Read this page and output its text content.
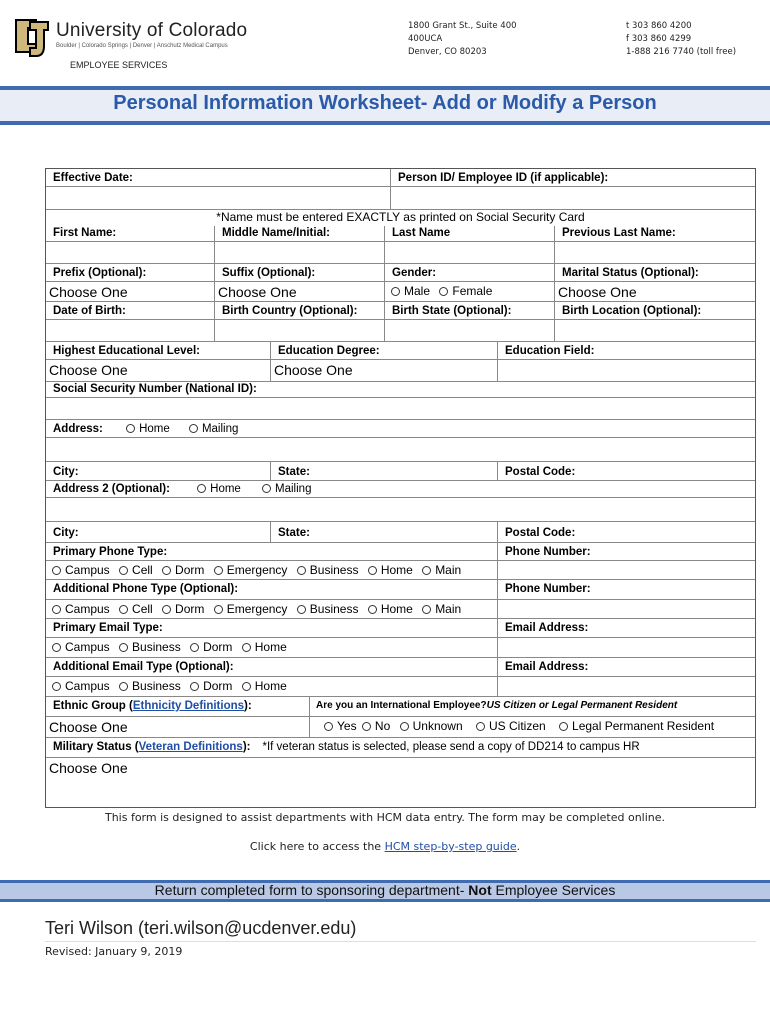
University of Colorado
Boulder | Colorado Springs | Denver | Anschutz Medical Campus
EMPLOYEE SERVICES
1800 Grant St., Suite 400
400UCA
Denver, CO 80203
t 303 860 4200
f 303 860 4299
1-888 216 7740 (toll free)
Personal Information Worksheet- Add or Modify a Person
Effective Date:	Person ID/ Employee ID (if applicable):
*Name must be entered EXACTLY as printed on Social Security Card
First Name:	Middle Name/Initial:	Last Name	Previous Last Name:
Prefix (Optional):	Suffix (Optional):	Gender:	Marital Status (Optional):
Choose One	Choose One	Male Female	Choose One
Date of Birth:	Birth Country (Optional):	Birth State (Optional):	Birth Location (Optional):
Highest Educational Level:	Education Degree:	Education Field:
Choose One	Choose One
Social Security Number (National ID):
Address:	Home	Mailing
City:	State:	Postal Code:
Address 2 (Optional):	Home	Mailing
City:	State:	Postal Code:
Primary Phone Type:	Phone Number:
Campus Cell Dorm Emergency Business Home Main
Additional Phone Type (Optional):	Phone Number:
Campus Cell Dorm Emergency Business Home Main
Primary Email Type:	Email Address:
Campus Business Dorm Home
Additional Email Type (Optional):	Email Address:
Campus Business Dorm Home
Ethnic Group (Ethnicity Definitions):	Are you an International Employee?US Citizen or Legal Permanent Resident
Choose One	Yes No Unknown US Citizen Legal Permanent Resident
Military Status (Veteran Definitions): *If veteran status is selected, please send a copy of DD214 to campus HR
Choose One
This form is designed to assist departments with HCM data entry. The form may be completed online.
Click here to access the HCM step-by-step guide.
Return completed form to sponsoring department- Not Employee Services
Teri Wilson (teri.wilson@ucdenver.edu)
Revised: January 9, 2019
